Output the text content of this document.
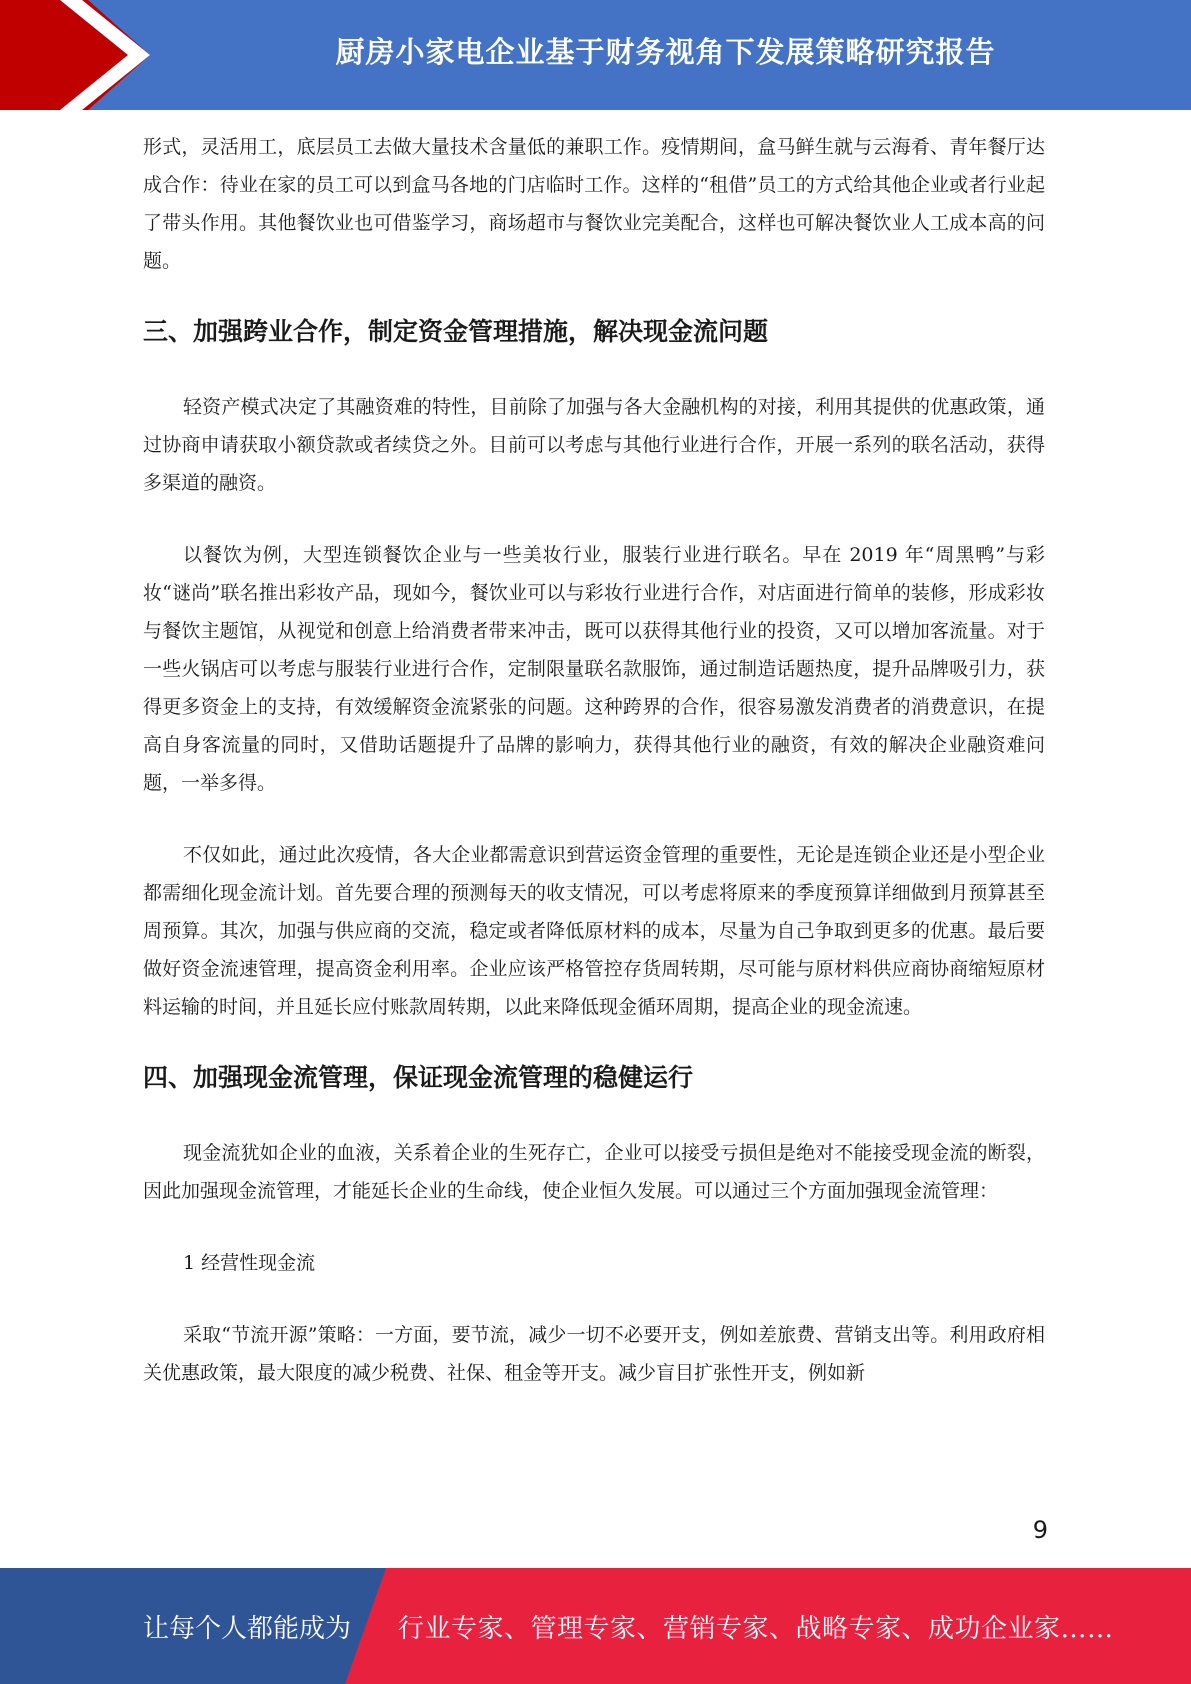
厨房小家电企业基于财务视角下发展策略研究报告

形式，灵活用工，底层员工去做大量技术含量低的兼职工作。疫情期间，盒马鲜生就与云海肴、青年餐厅达成合作：待业在家的员工可以到盒马各地的门店临时工作。这样的“租借”员工的方式给其他企业或者行业起了带头作用。其他餐饮业也可借鉴学习，商场超市与餐饮业完美配合，这样也可解决餐饮业人工成本高的问题。

三、加强跨业合作，制定资金管理措施，解决现金流问题

轻资产模式决定了其融资难的特性，目前除了加强与各大金融机构的对接，利用其提供的优惠政策，通过协商申请获取小额贷款或者续贷之外。目前可以考虑与其他行业进行合作，开展一系列的联名活动，获得多渠道的融资。

以餐饮为例，大型连锁餐饮企业与一些美妆行业，服装行业进行联名。早在 2019 年“周黑鸭”与彩妆“谜尚”联名推出彩妆产品，现如今，餐饮业可以与彩妆行业进行合作，对店面进行简单的装修，形成彩妆与餐饮主题馆，从视觉和创意上给消费者带来冲击，既可以获得其他行业的投资，又可以增加客流量。对于一些火锅店可以考虑与服装行业进行合作，定制限量联名款服饰，通过制造话题热度，提升品牌吸引力，获得更多资金上的支持，有效缓解资金流紧张的问题。这种跨界的合作，很容易激发消费者的消费意识，在提高自身客流量的同时，又借助话题提升了品牌的影响力，获得其他行业的融资，有效的解决企业融资难问题，一举多得。

不仅如此，通过此次疫情，各大企业都需意识到营运资金管理的重要性，无论是连锁企业还是小型企业都需细化现金流计划。首先要合理的预测每天的收支情况，可以考虑将原来的季度预算详细做到月预算甚至周预算。其次，加强与供应商的交流，稳定或者降低原材料的成本，尽量为自己争取到更多的优惠。最后要做好资金流速管理，提高资金利用率。企业应该严格管控存货周转期，尽可能与原材料供应商协商缩短原材料运输的时间，并且延长应付账款周转期，以此来降低现金循环周期，提高企业的现金流速。

四、加强现金流管理，保证现金流管理的稳健运行

现金流犹如企业的血液，关系着企业的生死存亡，企业可以接受亏损但是绝对不能接受现金流的断裂，因此加强现金流管理，才能延长企业的生命线，使企业恒久发展。可以通过三个方面加强现金流管理：

1 经营性现金流

采取“节流开源”策略：一方面，要节流，减少一切不必要开支，例如差旅费、营销支出等。利用政府相关优惠政策，最大限度的减少税费、社保、租金等开支。减少盲目扩张性开支，例如新

9
让每个人都能成为 行业专家、管理专家、营销专家、战略专家、成功企业家……
